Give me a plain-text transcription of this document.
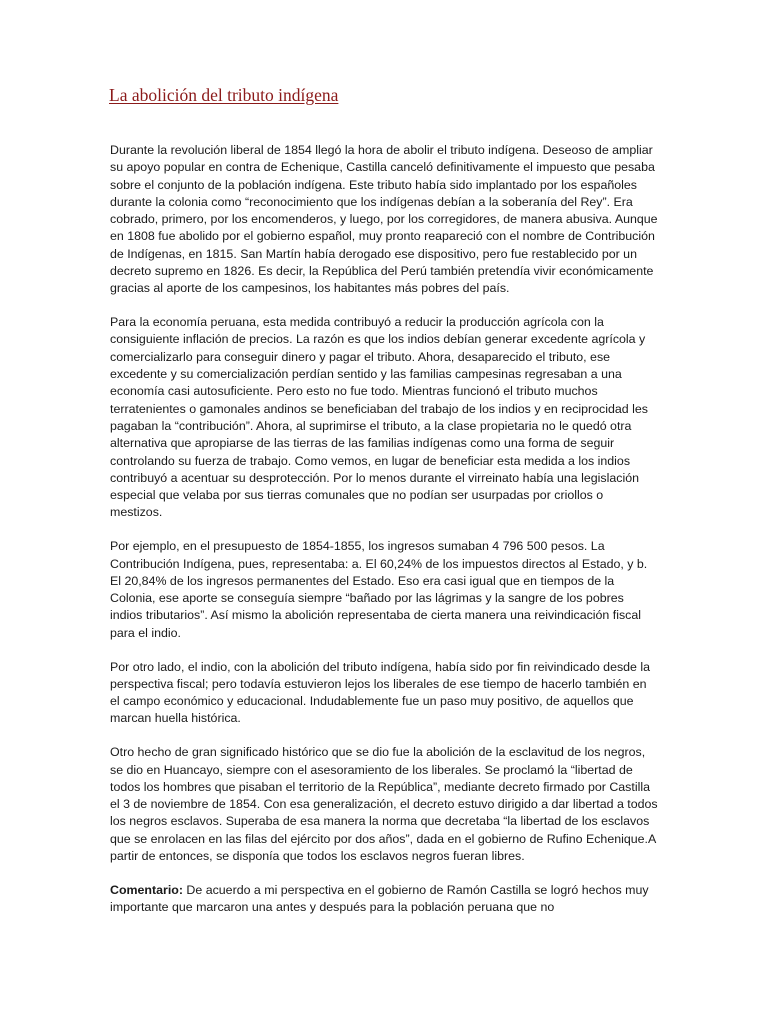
La abolición del tributo indígena

Durante la revolución liberal de 1854 llegó la hora de abolir el tributo indígena. Deseoso de ampliar su apoyo popular en contra de Echenique, Castilla canceló definitivamente el impuesto que pesaba sobre el conjunto de la población indígena. Este tributo había sido implantado por los españoles durante la colonia como “reconocimiento que los indígenas debían a la soberanía del Rey”. Era cobrado, primero, por los encomenderos, y luego, por los corregidores, de manera abusiva. Aunque en 1808 fue abolido por el gobierno español, muy pronto reapareció con el nombre de Contribución de Indígenas, en 1815. San Martín había derogado ese dispositivo, pero fue restablecido por un decreto supremo en 1826. Es decir, la República del Perú también pretendía vivir económicamente gracias al aporte de los campesinos, los habitantes más pobres del país.

Para la economía peruana, esta medida contribuyó a reducir la producción agrícola con la consiguiente inflación de precios. La razón es que los indios debían generar excedente agrícola y comercializarlo para conseguir dinero y pagar el tributo. Ahora, desaparecido el tributo, ese excedente y su comercialización perdían sentido y las familias campesinas regresaban a una economía casi autosuficiente. Pero esto no fue todo. Mientras funcionó el tributo muchos terratenientes o gamonales andinos se beneficiaban del trabajo de los indios y en reciprocidad les pagaban la “contribución”. Ahora, al suprimirse el tributo, a la clase propietaria no le quedó otra alternativa que apropiarse de las tierras de las familias indígenas como una forma de seguir controlando su fuerza de trabajo. Como vemos, en lugar de beneficiar esta medida a los indios contribuyó a acentuar su desprotección. Por lo menos durante el virreinato había una legislación especial que velaba por sus tierras comunales que no podían ser usurpadas por criollos o mestizos.

Por ejemplo, en el presupuesto de 1854-1855, los ingresos sumaban 4 796 500 pesos. La Contribución Indígena, pues, representaba: a. El 60,24% de los impuestos directos al Estado, y b. El 20,84% de los ingresos permanentes del Estado. Eso era casi igual que en tiempos de la Colonia, ese aporte se conseguía siempre “bañado por las lágrimas y la sangre de los pobres indios tributarios”. Así mismo la abolición representaba de cierta manera una reivindicación fiscal para el indio.

Por otro lado, el indio, con la abolición del tributo indígena, había sido por fin reivindicado desde la perspectiva fiscal; pero todavía estuvieron lejos los liberales de ese tiempo de hacerlo también en el campo económico y educacional. Indudablemente fue un paso muy positivo, de aquellos que marcan huella histórica.

Otro hecho de gran significado histórico que se dio fue la abolición de la esclavitud de los negros, se dio en Huancayo, siempre con el asesoramiento de los liberales. Se proclamó la “libertad de todos los hombres que pisaban el territorio de la República”, mediante decreto firmado por Castilla el 3 de noviembre de 1854. Con esa generalización, el decreto estuvo dirigido a dar libertad a todos los negros esclavos. Superaba de esa manera la norma que decretaba “la libertad de los esclavos que se enrolacen en las filas del ejército por dos años”, dada en el gobierno de Rufino Echenique.A partir de entonces, se disponía que todos los esclavos negros fueran libres.

Comentario: De acuerdo a mi perspectiva en el gobierno de Ramón Castilla se logró hechos muy importante que marcaron una antes y después para la población peruana que no
